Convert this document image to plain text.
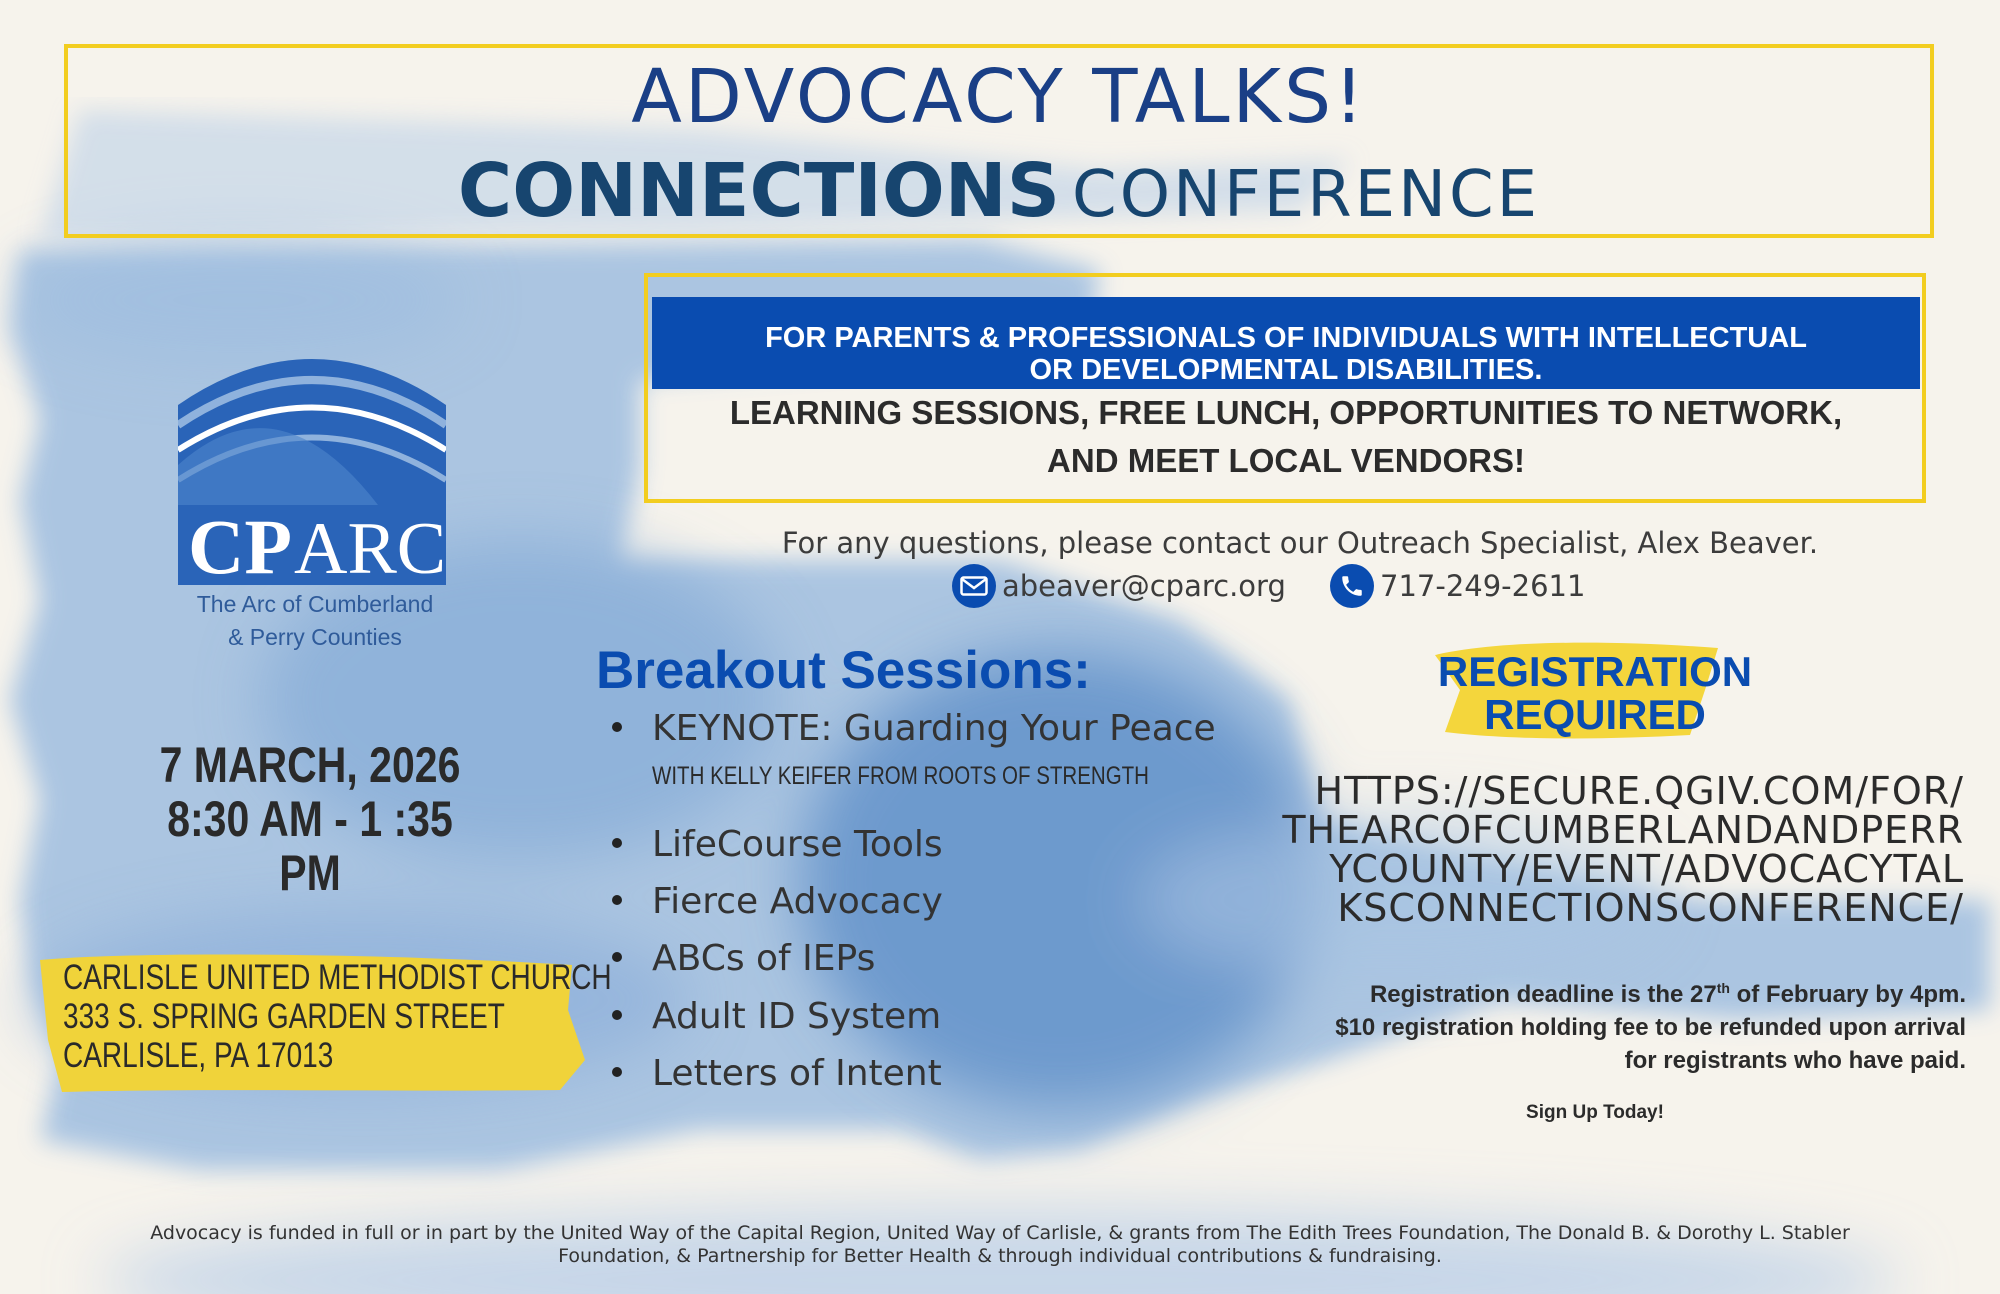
ADVOCACY TALKS!
CONNECTIONS CONFERENCE
FOR PARENTS & PROFESSIONALS OF INDIVIDUALS WITH INTELLECTUAL
OR DEVELOPMENTAL DISABILITIES.
LEARNING SESSIONS, FREE LUNCH, OPPORTUNITIES TO NETWORK,
AND MEET LOCAL VENDORS!
For any questions, please contact our Outreach Specialist, Alex Beaver.
abeaver@cparc.org	717-249-2611
CP ARC
The Arc of Cumberland
& Perry Counties
7 MARCH, 2026
8:30 AM - 1 :35 PM
CARLISLE UNITED METHODIST CHURCH
333 S. SPRING GARDEN STREET
CARLISLE, PA 17013
Breakout Sessions:
KEYNOTE: Guarding Your Peace
WITH KELLY KEIFER FROM ROOTS OF STRENGTH
LifeCourse Tools
Fierce Advocacy
ABCs of IEPs
Adult ID System
Letters of Intent
REGISTRATION
REQUIRED
HTTPS://SECURE.QGIV.COM/FOR/
THEARCOFCUMBERLANDANDPERR
YCOUNTY/EVENT/ADVOCACYTAL
KSCONNECTIONSCONFERENCE/
Registration deadline is the 27th of February by 4pm.
$10 registration holding fee to be refunded upon arrival
for registrants who have paid.
Sign Up Today!
Advocacy is funded in full or in part by the United Way of the Capital Region, United Way of Carlisle, & grants from The Edith Trees Foundation, The Donald B. & Dorothy L. Stabler
Foundation, & Partnership for Better Health & through individual contributions & fundraising.
